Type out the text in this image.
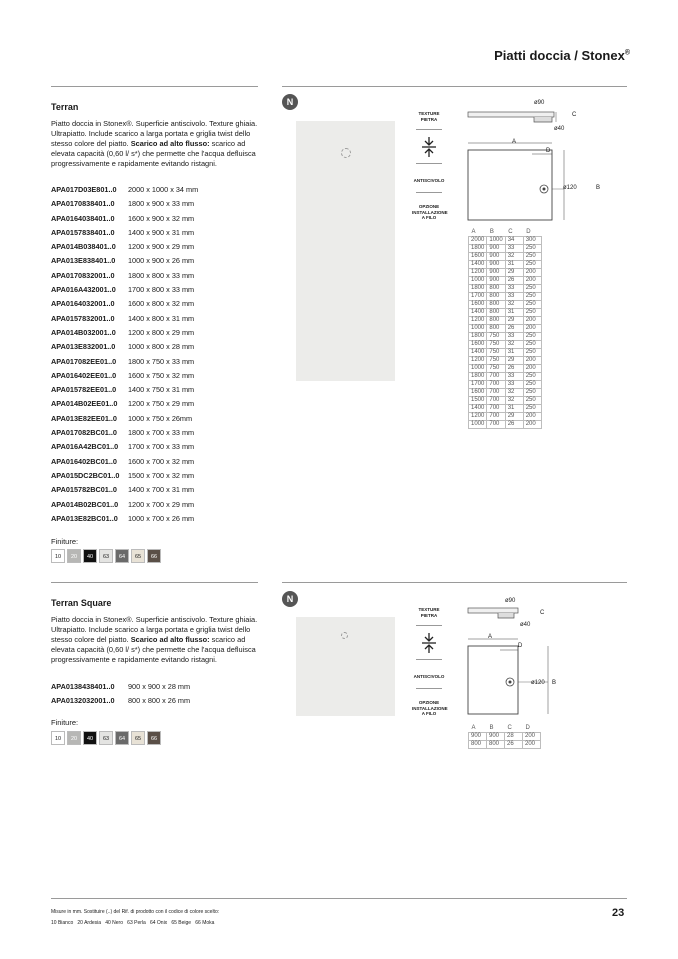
Piatti doccia / Stonex®
Terran
Piatto doccia in Stonex®. Superficie antiscivolo. Texture ghiaia. Ultrapiatto. Include scarico a larga portata e griglia twist dello stesso colore del piatto. Scarico ad alto flusso: scarico ad elevata capacità (0,60 l/ s*) che permette che l'acqua defluisca progressivamente e rapidamente evitando ristagni.
APA017D03E801..0 2000 x 1000 x 34 mm
APA0170838401..0 1800 x 900 x 33 mm
APA0164038401..0 1600 x 900 x 32 mm
APA0157838401..0 1400 x 900 x 31 mm
APA014B038401..0 1200 x 900 x 29 mm
APA013E838401..0 1000 x 900 x 26 mm
APA0170832001..0 1800 x 800 x 33 mm
APA016A432001..0 1700 x 800 x 33 mm
APA0164032001..0 1600 x 800 x 32 mm
APA0157832001..0 1400 x 800 x 31 mm
APA014B032001..0 1200 x 800 x 29 mm
APA013E832001..0 1000 x 800 x 28 mm
APA017082EE01..0 1800 x 750 x 33 mm
APA016402EE01..0 1600 x 750 x 32 mm
APA015782EE01..0 1400 x 750 x 31 mm
APA014B02EE01..0 1200 x 750 x 29 mm
APA013E82EE01..0 1000 x 750 x 26mm
APA017082BC01..0 1800 x 700 x 33 mm
APA016A42BC01..0 1700 x 700 x 33 mm
APA016402BC01..0 1600 x 700 x 32 mm
APA015DC2BC01..0 1500 x 700 x 32 mm
APA015782BC01..0 1400 x 700 x 31 mm
APA014B02BC01..0 1200 x 700 x 29 mm
APA013E82BC01..0 1000 x 700 x 26 mm
Finiture:
10	20	40	63	64	65	66
N
TEXTURE PIETRA
ANTISCIVOLO
OPZIONE INSTALLAZIONE A FILO
ø90
C
ø40
A
D
ø120	B
A	B	C	D
2000	1000	34	300
1800	900	33	250
1600	900	32	250
1400	900	31	250
1200	900	29	200
1000	900	26	200
1800	800	33	250
1700	800	33	250
1600	800	32	250
1400	800	31	250
1200	800	29	200
1000	800	26	200
1800	750	33	250
1600	750	32	250
1400	750	31	250
1200	750	29	200
1000	750	26	200
1800	700	33	250
1700	700	33	250
1600	700	32	250
1500	700	32	250
1400	700	31	250
1200	700	29	200
1000	700	26	200
Terran Square
Piatto doccia in Stonex®. Superficie antiscivolo. Texture ghiaia. Ultrapiatto. Include scarico a larga portata e griglia twist dello stesso colore del piatto. Scarico ad alto flusso: scarico ad elevata capacità (0,60 l/ s*) che permette che l'acqua defluisca progressivamente e rapidamente evitando ristagni.
APA0138438401..0 900 x 900 x 28 mm
APA0132032001..0 800 x 800 x 26 mm
Finiture:
10	20	40	63	64	65	66
N
TEXTURE PIETRA
ANTISCIVOLO
OPZIONE INSTALLAZIONE A FILO
ø90
C
ø40
A
D
ø120 B
A	B	C	D
900	900	28	200
800	800	26	200
Misure in mm. Sostituire (..) del Rif. di prodotto con il codice di colore scelto:
10 Bianco   20 Ardesia   40 Nero   63 Perla   64 Onix   65 Beige   66 Moka
23
